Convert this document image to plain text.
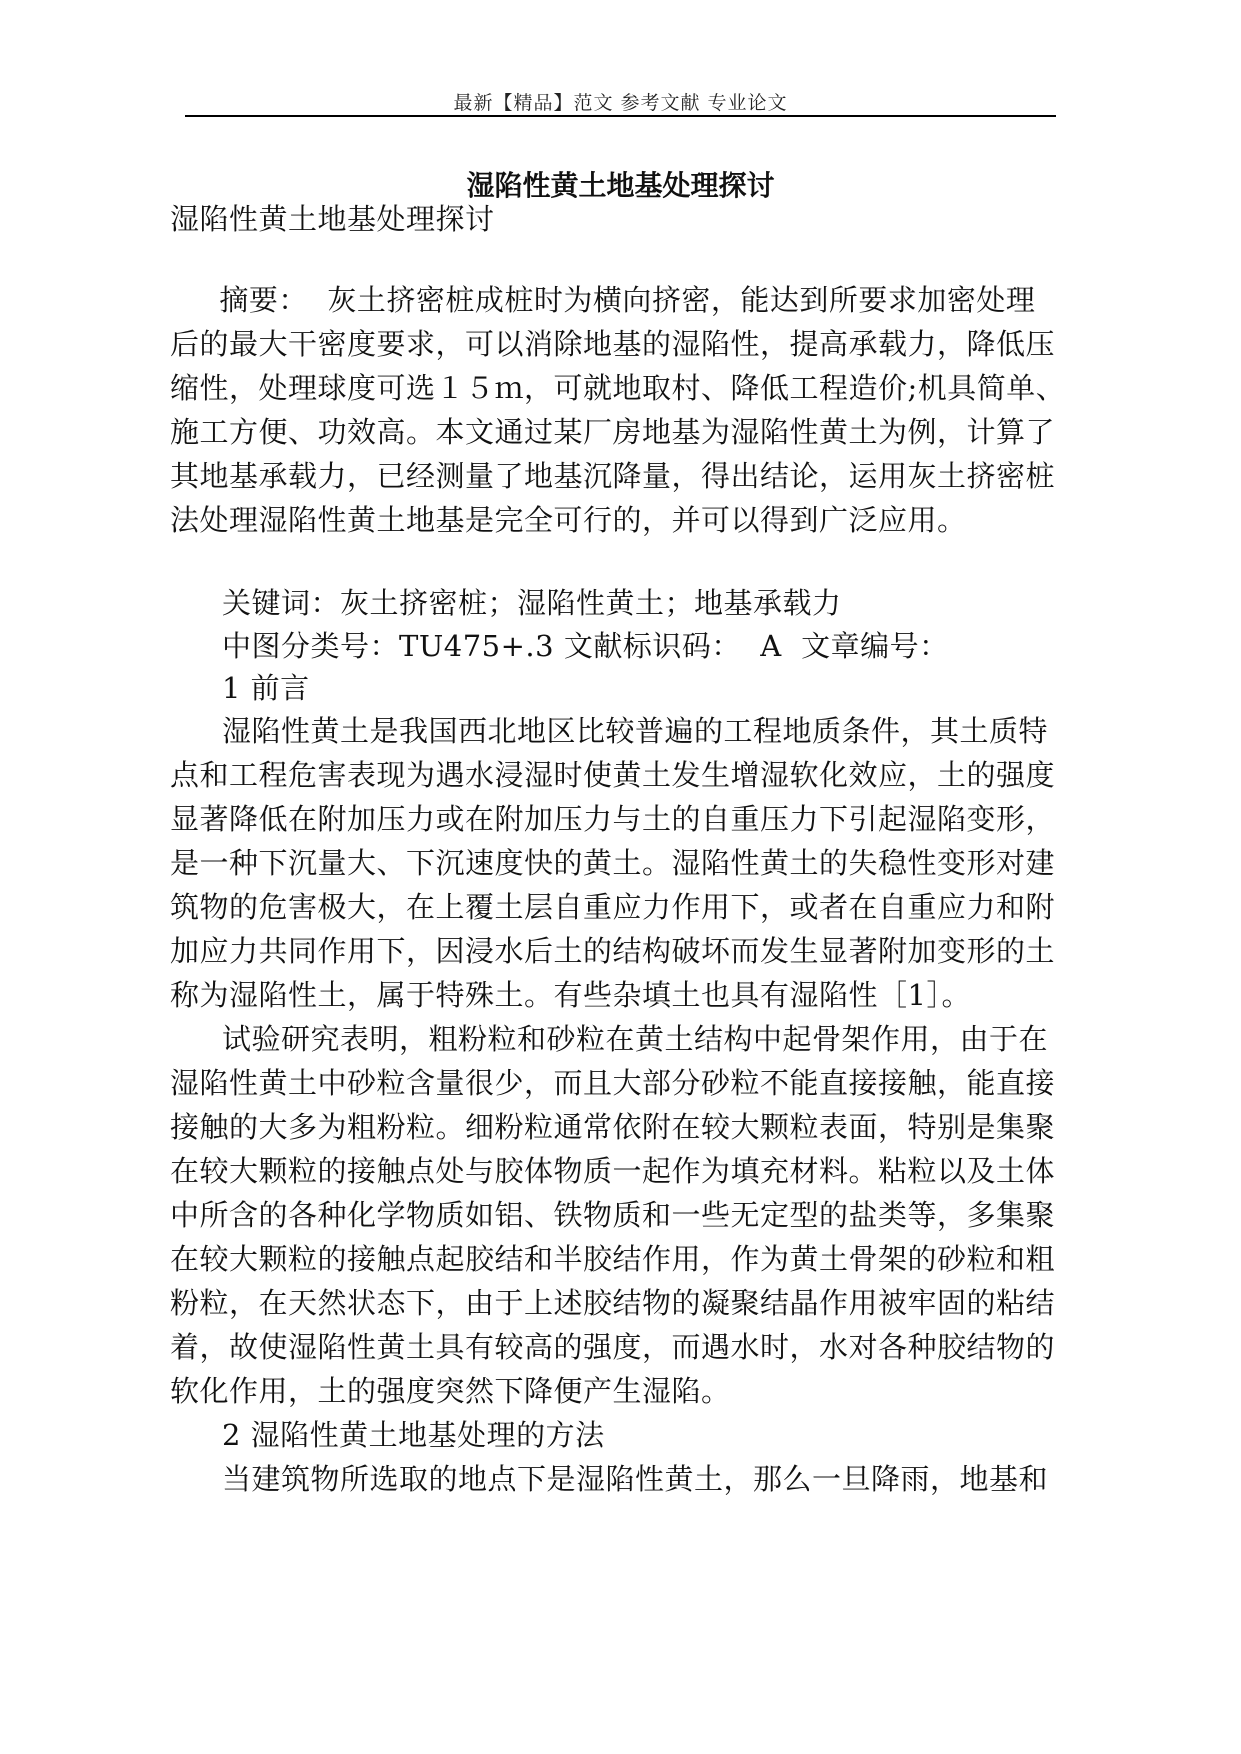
最新【精品】范文 参考文献 专业论文
湿陷性黄土地基处理探讨
湿陷性黄土地基处理探讨
摘要：  灰土挤密桩成桩时为横向挤密，能达到所要求加密处理
后的最大干密度要求，可以消除地基的湿陷性，提高承载力，降低压
缩性，处理球度可选１５ｍ，可就地取村、降低工程造价;机具简单、
施工方便、功效高。本文通过某厂房地基为湿陷性黄土为例，计算了
其地基承载力，已经测量了地基沉降量，得出结论，运用灰土挤密桩
法处理湿陷性黄土地基是完全可行的，并可以得到广泛应用。
关键词：灰土挤密桩；湿陷性黄土；地基承载力
中图分类号：TU475+.3 文献标识码：  A  文章编号：
1 前言
湿陷性黄土是我国西北地区比较普遍的工程地质条件，其土质特
点和工程危害表现为遇水浸湿时使黄土发生增湿软化效应，土的强度
显著降低在附加压力或在附加压力与土的自重压力下引起湿陷变形，
是一种下沉量大、下沉速度快的黄土。湿陷性黄土的失稳性变形对建
筑物的危害极大，在上覆土层自重应力作用下，或者在自重应力和附
加应力共同作用下，因浸水后土的结构破坏而发生显著附加变形的土
称为湿陷性土，属于特殊土。有些杂填土也具有湿陷性［1］。
试验研究表明，粗粉粒和砂粒在黄土结构中起骨架作用，由于在
湿陷性黄土中砂粒含量很少，而且大部分砂粒不能直接接触，能直接
接触的大多为粗粉粒。细粉粒通常依附在较大颗粒表面，特别是集聚
在较大颗粒的接触点处与胶体物质一起作为填充材料。粘粒以及土体
中所含的各种化学物质如铝、铁物质和一些无定型的盐类等，多集聚
在较大颗粒的接触点起胶结和半胶结作用，作为黄土骨架的砂粒和粗
粉粒，在天然状态下，由于上述胶结物的凝聚结晶作用被牢固的粘结
着，故使湿陷性黄土具有较高的强度，而遇水时，水对各种胶结物的
软化作用，土的强度突然下降便产生湿陷。
2 湿陷性黄土地基处理的方法
当建筑物所选取的地点下是湿陷性黄土，那么一旦降雨，地基和
